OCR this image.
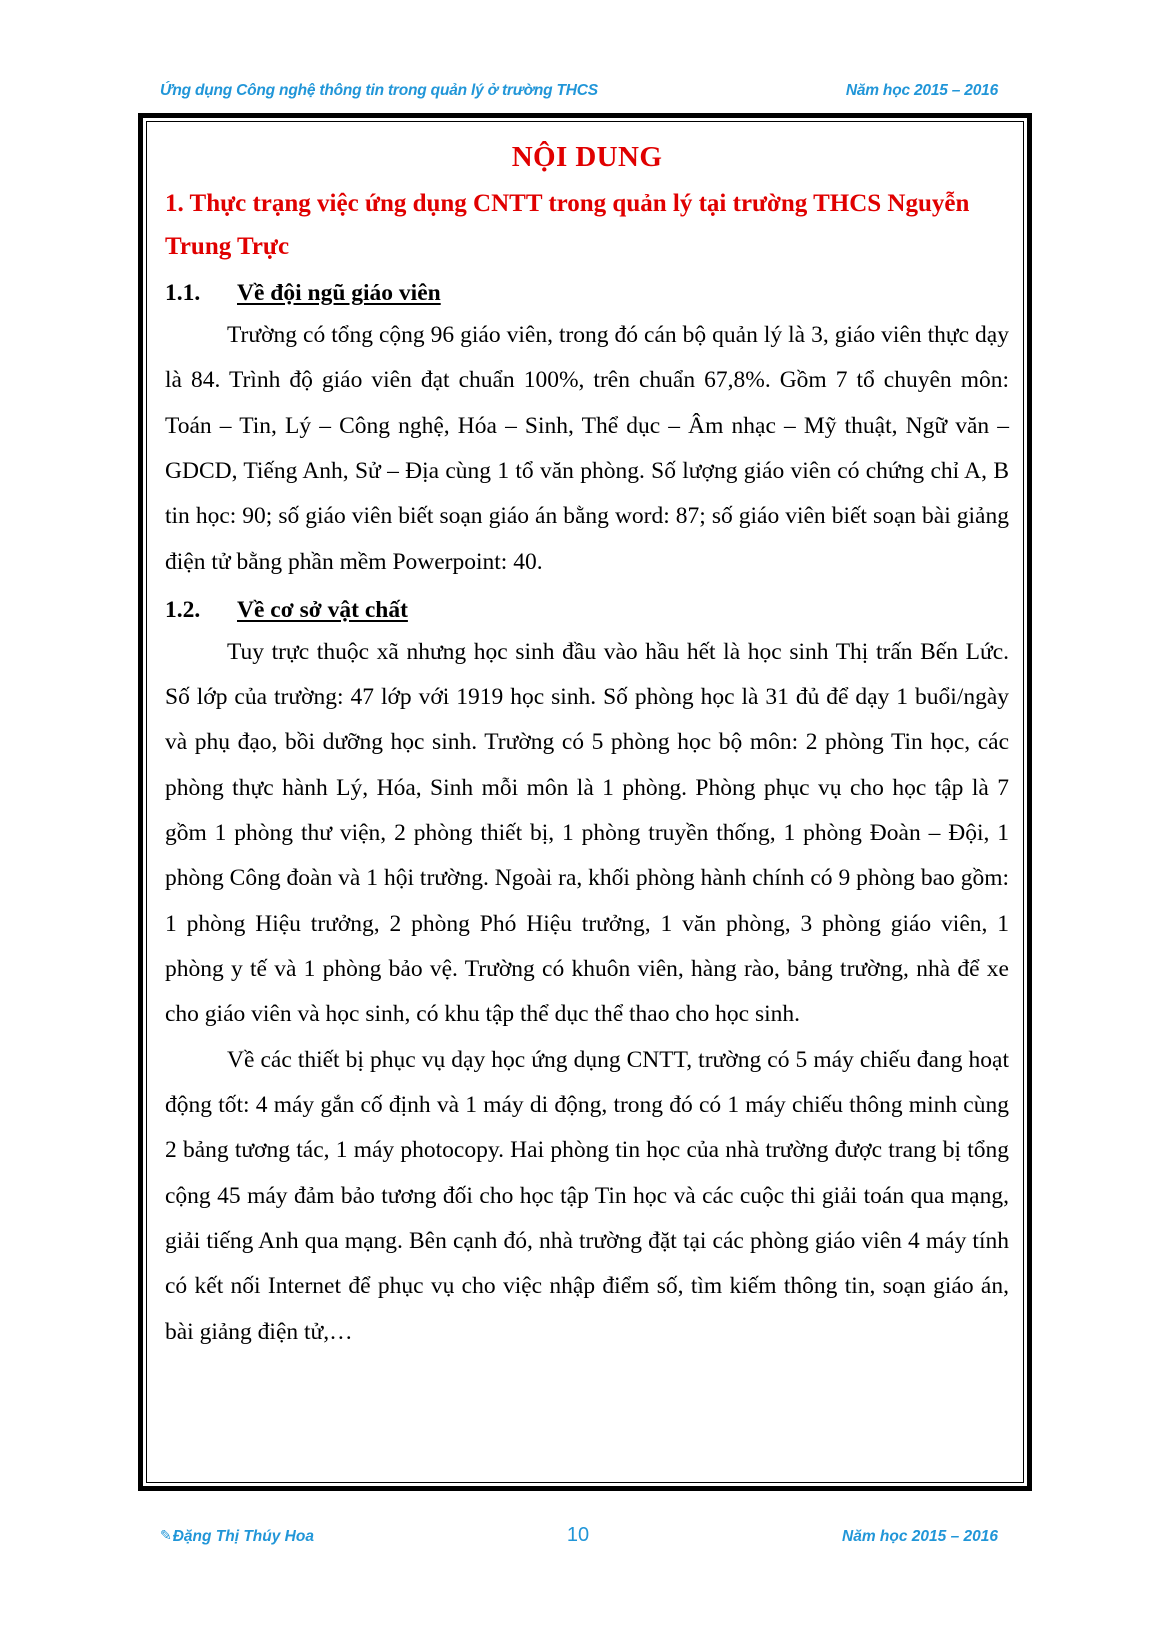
Ứng dụng Công nghệ thông tin trong quản lý ở trường THCS	Năm học 2015 – 2016
NỘI DUNG
1. Thực trạng việc ứng dụng CNTT trong quản lý tại trường THCS Nguyễn Trung Trực
1.1.	Về đội ngũ giáo viên

Trường có tổng cộng 96 giáo viên, trong đó cán bộ quản lý là 3, giáo viên thực dạy là 84. Trình độ giáo viên đạt chuẩn 100%, trên chuẩn 67,8%. Gồm 7 tổ chuyên môn: Toán – Tin, Lý – Công nghệ, Hóa – Sinh, Thể dục – Âm nhạc – Mỹ thuật, Ngữ văn – GDCD, Tiếng Anh, Sử – Địa cùng 1 tổ văn phòng. Số lượng giáo viên có chứng chỉ A, B tin học: 90; số giáo viên biết soạn giáo án bằng word: 87; số giáo viên biết soạn bài giảng điện tử bằng phần mềm Powerpoint: 40.

1.2.	Về cơ sở vật chất

Tuy trực thuộc xã nhưng học sinh đầu vào hầu hết là học sinh Thị trấn Bến Lức. Số lớp của trường: 47 lớp với 1919 học sinh. Số phòng học là 31 đủ để dạy 1 buổi/ngày và phụ đạo, bồi dưỡng học sinh. Trường có 5 phòng học bộ môn: 2 phòng Tin học, các phòng thực hành Lý, Hóa, Sinh mỗi môn là 1 phòng. Phòng phục vụ cho học tập là 7 gồm 1 phòng thư viện, 2 phòng thiết bị, 1 phòng truyền thống, 1 phòng Đoàn – Đội, 1 phòng Công đoàn và 1 hội trường. Ngoài ra, khối phòng hành chính có 9 phòng bao gồm: 1 phòng Hiệu trưởng, 2 phòng Phó Hiệu trưởng, 1 văn phòng, 3 phòng giáo viên, 1 phòng y tế và 1 phòng bảo vệ. Trường có khuôn viên, hàng rào, bảng trường, nhà để xe cho giáo viên và học sinh, có khu tập thể dục thể thao cho học sinh.

Về các thiết bị phục vụ dạy học ứng dụng CNTT, trường có 5 máy chiếu đang hoạt động tốt: 4 máy gắn cố định và 1 máy di động, trong đó có 1 máy chiếu thông minh cùng 2 bảng tương tác, 1 máy photocopy. Hai phòng tin học của nhà trường được trang bị tổng cộng 45 máy đảm bảo tương đối cho học tập Tin học và các cuộc thi giải toán qua mạng, giải tiếng Anh qua mạng. Bên cạnh đó, nhà trường đặt tại các phòng giáo viên 4 máy tính có kết nối Internet để phục vụ cho việc nhập điểm số, tìm kiếm thông tin, soạn giáo án, bài giảng điện tử,…

✎ Đặng Thị Thúy Hoa	10	Năm học 2015 – 2016
